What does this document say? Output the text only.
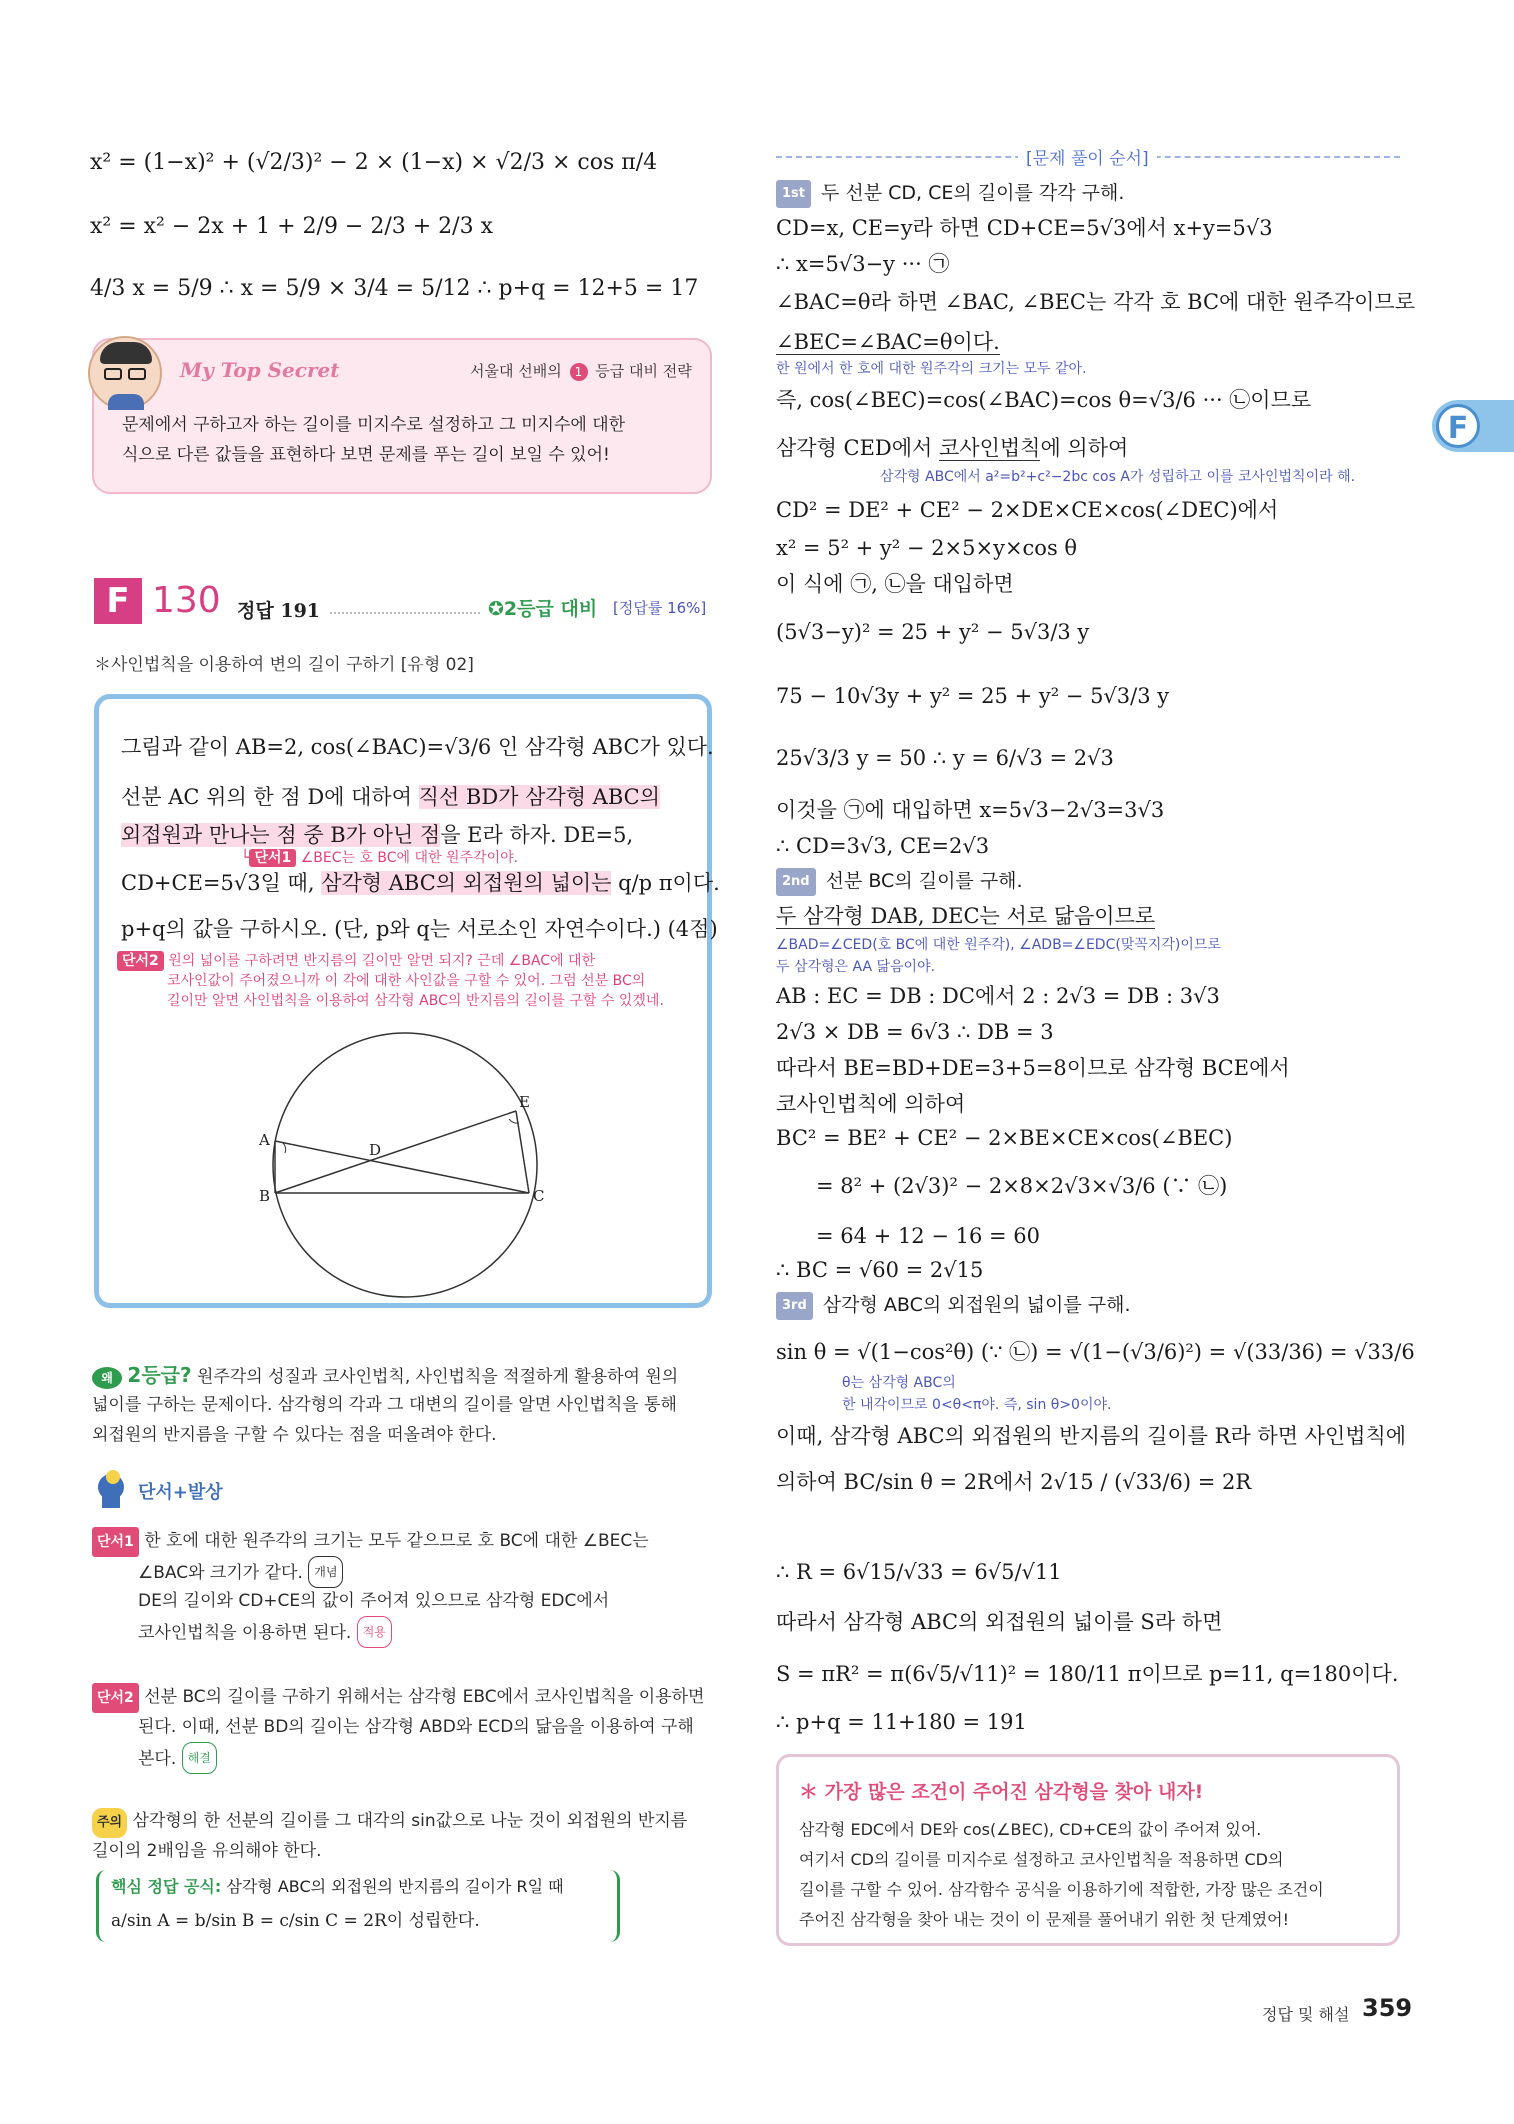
x² = (1−x)² + (√2/3)² − 2 × (1−x) × √2/3 × cos π/4
x² = x² − 2x + 1 + 2/9 − 2/3 + 2/3 x
4/3 x = 5/9 ∴ x = 5/9 × 3/4 = 5/12 ∴ p+q = 12+5 = 17
My Top Secret	서울대 선배의 1 등급 대비 전략
문제에서 구하고자 하는 길이를 미지수로 설정하고 그 미지수에 대한
식으로 다른 값들을 표현하다 보면 문제를 푸는 길이 보일 수 있어!
F 130 정답 191	✪2등급 대비 [정답률 16%]
＊사인법칙을 이용하여 변의 길이 구하기 [유형 02]
그림과 같이 AB=2, cos(∠BAC)=√3/6 인 삼각형 ABC가 있다.
선분 AC 위의 한 점 D에 대하여 직선 BD가 삼각형 ABC의
외접원과 만나는 점 중 B가 아닌 점을 E라 하자. DE=5,
└ 단서1 ∠BEC는 호 BC에 대한 원주각이야.
CD+CE=5√3일 때, 삼각형 ABC의 외접원의 넓이는 q/p π이다.
p+q의 값을 구하시오. (단, p와 q는 서로소인 자연수이다.) (4점)
단서2 원의 넓이를 구하려면 반지름의 길이만 알면 되지? 근데 ∠BAC에 대한
코사인값이 주어졌으니까 이 각에 대한 사인값을 구할 수 있어. 그럼 선분 BC의
길이만 알면 사인법칙을 이용하여 삼각형 ABC의 반지름의 길이를 구할 수 있겠네.
A
B	C
D
E
왜 2등급? 원주각의 성질과 코사인법칙, 사인법칙을 적절하게 활용하여 원의
넓이를 구하는 문제이다. 삼각형의 각과 그 대변의 길이를 알면 사인법칙을 통해
외접원의 반지름을 구할 수 있다는 점을 떠올려야 한다.
단서+발상
단서1 한 호에 대한 원주각의 크기는 모두 같으므로 호 BC에 대한 ∠BEC는
∠BAC와 크기가 같다. 개념
DE의 길이와 CD+CE의 값이 주어져 있으므로 삼각형 EDC에서
코사인법칙을 이용하면 된다. 적용
단서2 선분 BC의 길이를 구하기 위해서는 삼각형 EBC에서 코사인법칙을 이용하면
된다. 이때, 선분 BD의 길이는 삼각형 ABD와 ECD의 닮음을 이용하여 구해
본다. 해결
주의 삼각형의 한 선분의 길이를 그 대각의 sin값으로 나눈 것이 외접원의 반지름
길이의 2배임을 유의해야 한다.
핵심 정답 공식: 삼각형 ABC의 외접원의 반지름의 길이가 R일 때
a/sin A = b/sin B = c/sin C = 2R이 성립한다.
[문제 풀이 순서]
1st 두 선분 CD, CE의 길이를 각각 구해.
CD=x, CE=y라 하면 CD+CE=5√3에서 x+y=5√3
∴ x=5√3−y ··· ㉠
∠BAC=θ라 하면 ∠BAC, ∠BEC는 각각 호 BC에 대한 원주각이므로
∠BEC=∠BAC=θ이다.
한 원에서 한 호에 대한 원주각의 크기는 모두 같아.
즉, cos(∠BEC)=cos(∠BAC)=cos θ=√3/6 ··· ㉡이므로
삼각형 CED에서 코사인법칙에 의하여
삼각형 ABC에서 a²=b²+c²−2bc cos A가 성립하고 이를 코사인법칙이라 해.
CD² = DE² + CE² − 2×DE×CE×cos(∠DEC)에서
x² = 5² + y² − 2×5×y×cos θ
이 식에 ㉠, ㉡을 대입하면
(5√3−y)² = 25 + y² − 5√3/3 y
75 − 10√3y + y² = 25 + y² − 5√3/3 y
25√3/3 y = 50 ∴ y = 6/√3 = 2√3
이것을 ㉠에 대입하면 x=5√3−2√3=3√3
∴ CD=3√3, CE=2√3
2nd 선분 BC의 길이를 구해.
두 삼각형 DAB, DEC는 서로 닮음이므로
∠BAD=∠CED(호 BC에 대한 원주각), ∠ADB=∠EDC(맞꼭지각)이므로
두 삼각형은 AA 닮음이야.
AB : EC = DB : DC에서 2 : 2√3 = DB : 3√3
2√3 × DB = 6√3 ∴ DB = 3
따라서 BE=BD+DE=3+5=8이므로 삼각형 BCE에서
코사인법칙에 의하여
BC² = BE² + CE² − 2×BE×CE×cos(∠BEC)
= 8² + (2√3)² − 2×8×2√3×√3/6 (∵ ㉡)
= 64 + 12 − 16 = 60
∴ BC = √60 = 2√15
3rd 삼각형 ABC의 외접원의 넓이를 구해.
sin θ = √(1−cos²θ) (∵ ㉡) = √(1−(√3/6)²) = √(33/36) = √33/6
θ는 삼각형 ABC의
한 내각이므로 0<θ<π야. 즉, sin θ>0이야.
이때, 삼각형 ABC의 외접원의 반지름의 길이를 R라 하면 사인법칙에
의하여 BC/sin θ = 2R에서 2√15 / (√33/6) = 2R
∴ R = 6√15/√33 = 6√5/√11
따라서 삼각형 ABC의 외접원의 넓이를 S라 하면
S = πR² = π(6√5/√11)² = 180/11 π이므로 p=11, q=180이다.
∴ p+q = 11+180 = 191
＊ 가장 많은 조건이 주어진 삼각형을 찾아 내자!
삼각형 EDC에서 DE와 cos(∠BEC), CD+CE의 값이 주어져 있어.
여기서 CD의 길이를 미지수로 설정하고 코사인법칙을 적용하면 CD의
길이를 구할 수 있어. 삼각함수 공식을 이용하기에 적합한, 가장 많은 조건이
주어진 삼각형을 찾아 내는 것이 이 문제를 풀어내기 위한 첫 단계였어!
F
정답 및 해설 359
